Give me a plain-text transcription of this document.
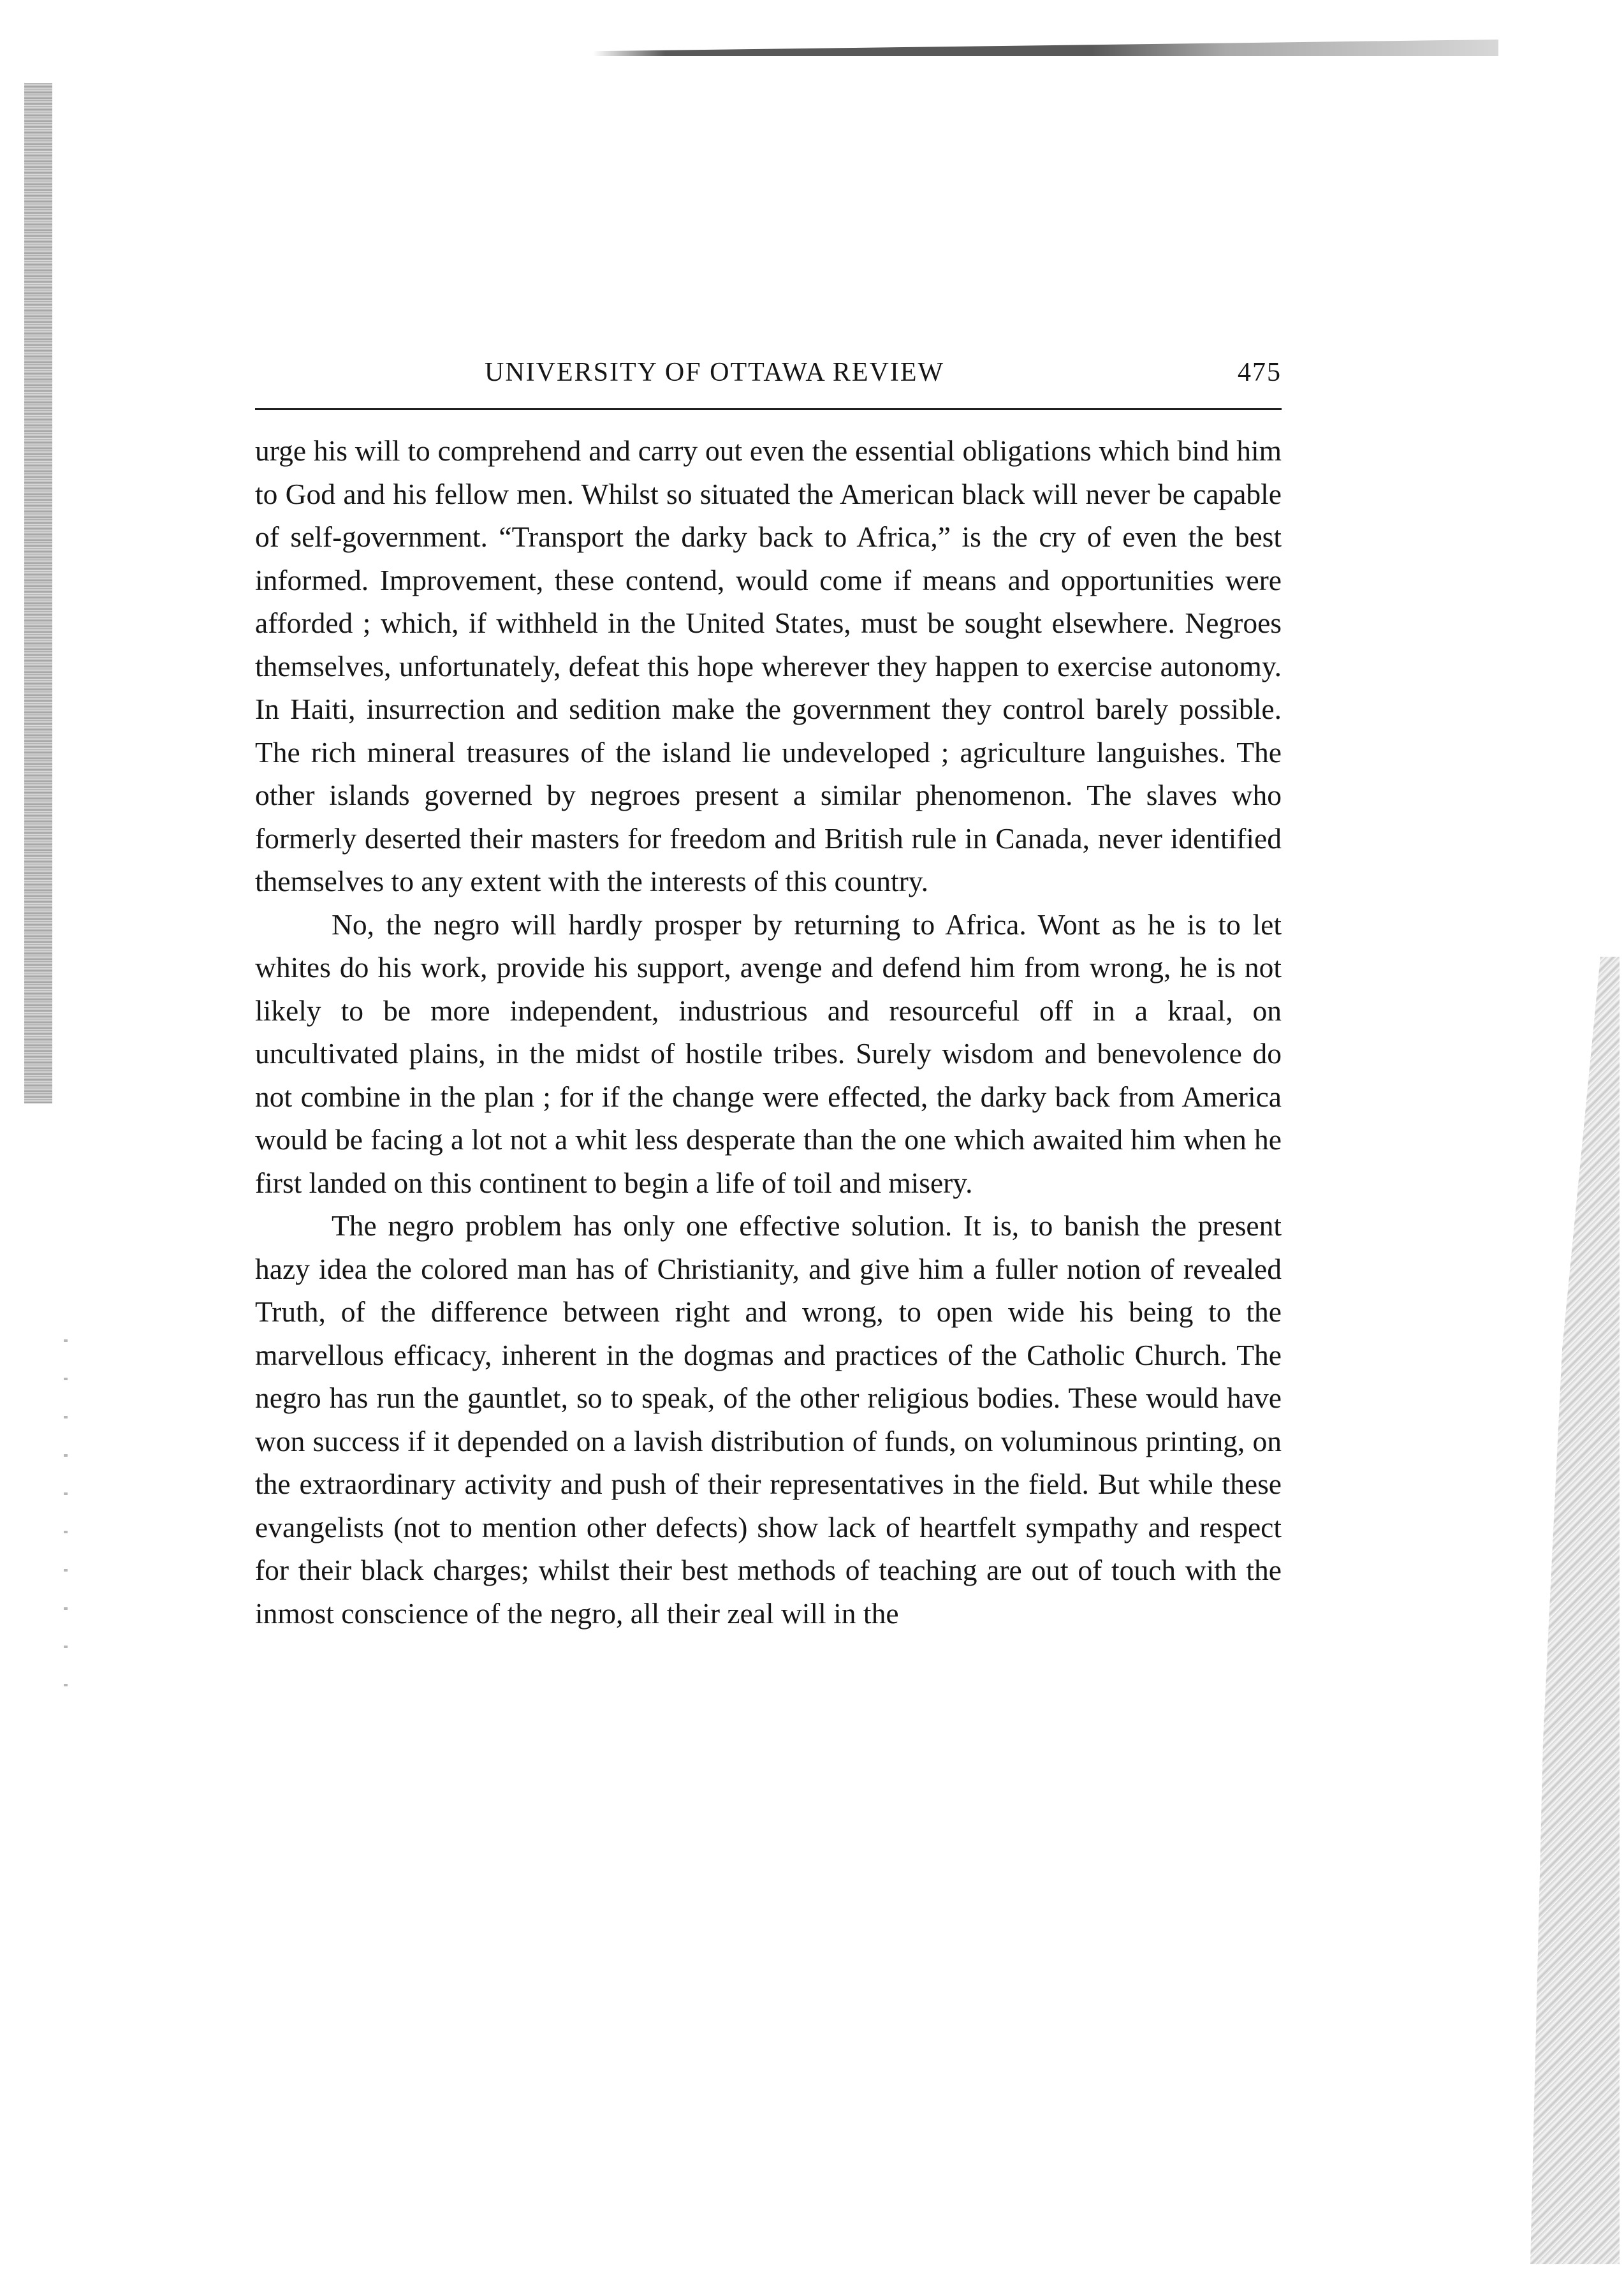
UNIVERSITY OF OTTAWA REVIEW	475

urge his will to comprehend and carry out even the essential obligations which bind him to God and his fellow men. Whilst so situated the American black will never be capable of self-government. “Transport the darky back to Africa,” is the cry of even the best informed. Improvement, these contend, would come if means and opportunities were afforded ; which, if withheld in the United States, must be sought elsewhere. Negroes themselves, unfortunately, defeat this hope wherever they happen to exercise autonomy. In Haiti, insurrection and sedition make the government they control barely possible. The rich mineral treasures of the island lie undeveloped ; agriculture languishes. The other islands governed by negroes present a similar phenomenon. The slaves who formerly deserted their masters for freedom and British rule in Canada, never identified themselves to any extent with the interests of this country.

No, the negro will hardly prosper by returning to Africa. Wont as he is to let whites do his work, provide his support, avenge and defend him from wrong, he is not likely to be more independent, industrious and resourceful off in a kraal, on uncultivated plains, in the midst of hostile tribes. Surely wisdom and benevolence do not combine in the plan ; for if the change were effected, the darky back from America would be facing a lot not a whit less desperate than the one which awaited him when he first landed on this continent to begin a life of toil and misery.

The negro problem has only one effective solution. It is, to banish the present hazy idea the colored man has of Christianity, and give him a fuller notion of revealed Truth, of the difference between right and wrong, to open wide his being to the marvellous efficacy, inherent in the dogmas and practices of the Catholic Church. The negro has run the gauntlet, so to speak, of the other religious bodies. These would have won success if it depended on a lavish distribution of funds, on voluminous printing, on the extraordinary activity and push of their representatives in the field. But while these evangelists (not to mention other defects) show lack of heartfelt sympathy and respect for their black charges; whilst their best methods of teaching are out of touch with the inmost conscience of the negro, all their zeal will in the
